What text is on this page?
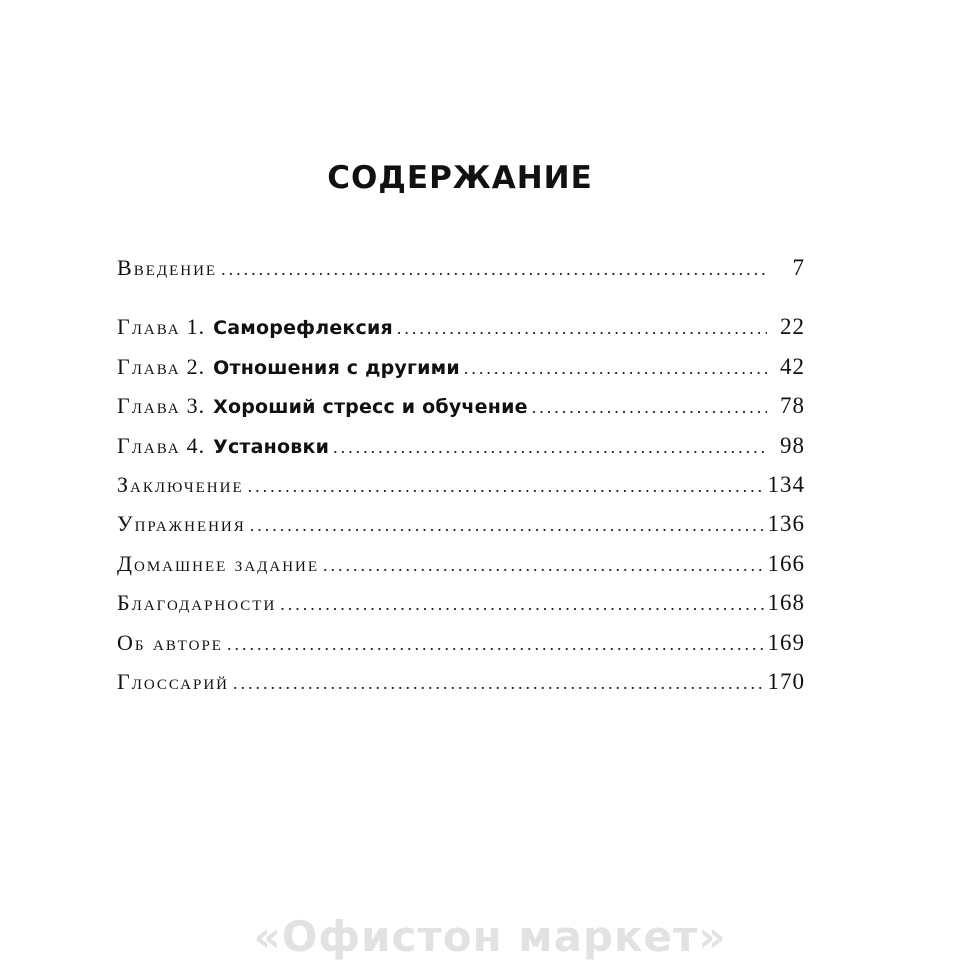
СОДЕРЖАНИЕ
Введение .....	7
Глава 1. Саморефлексия .....	22
Глава 2. Отношения с другими .....	42
Глава 3. Хороший стресс и обучение .....	78
Глава 4. Установки .....	98
Заключение .....	134
Упражнения .....	136
Домашнее задание .....	166
Благодарности .....	168
Об авторе .....	169
Глоссарий .....	170
«Офистон маркет»
